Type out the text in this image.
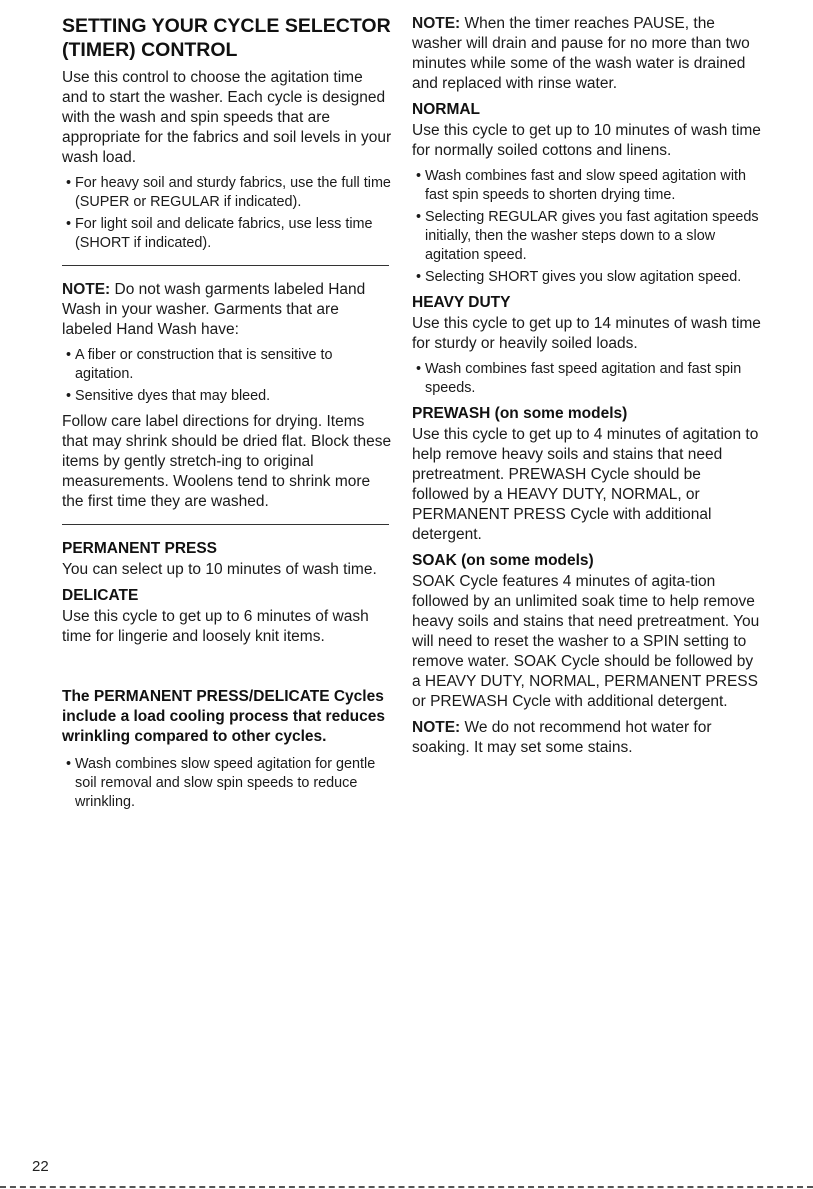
SETTING YOUR CYCLE SELECTOR (TIMER) CONTROL

Use this control to choose the agitation time and to start the washer. Each cycle is designed with the wash and spin speeds that are appropriate for the fabrics and soil levels in your wash load.

• For heavy soil and sturdy fabrics, use the full time (SUPER or REGULAR if indicated).
• For light soil and delicate fabrics, use less time (SHORT if indicated).

NOTE: Do not wash garments labeled Hand Wash in your washer. Garments that are labeled Hand Wash have:

• A fiber or construction that is sensitive to agitation.
• Sensitive dyes that may bleed.

Follow care label directions for drying. Items that may shrink should be dried flat. Block these items by gently stretch-ing to original measurements. Woolens tend to shrink more the first time they are washed.

PERMANENT PRESS

You can select up to 10 minutes of wash time.

DELICATE

Use this cycle to get up to 6 minutes of wash time for lingerie and loosely knit items.

The PERMANENT PRESS/DELICATE Cycles include a load cooling process that reduces wrinkling compared to other cycles.
• Wash combines slow speed agitation for gentle soil removal and slow spin speeds to reduce wrinkling.

NOTE: When the timer reaches PAUSE, the washer will drain and pause for no more than two minutes while some of the wash water is drained and replaced with rinse water.

NORMAL

Use this cycle to get up to 10 minutes of wash time for normally soiled cottons and linens.

• Wash combines fast and slow speed agitation with fast spin speeds to shorten drying time.
• Selecting REGULAR gives you fast agitation speeds initially, then the washer steps down to a slow agitation speed.
• Selecting SHORT gives you slow agitation speed.
HEAVY DUTY

Use this cycle to get up to 14 minutes of wash time for sturdy or heavily soiled loads.

• Wash combines fast speed agitation and fast spin speeds.
PREWASH (on some models)

Use this cycle to get up to 4 minutes of agitation to help remove heavy soils and stains that need pretreatment. PREWASH Cycle should be followed by a HEAVY DUTY, NORMAL, or PERMANENT PRESS Cycle with additional detergent.

SOAK (on some models)

SOAK Cycle features 4 minutes of agita-tion followed by an unlimited soak time to help remove heavy soils and stains that need pretreatment. You will need to reset the washer to a SPIN setting to remove water. SOAK Cycle should be followed by a HEAVY DUTY, NORMAL, PERMANENT PRESS or PREWASH Cycle with additional detergent.

NOTE: We do not recommend hot water for soaking. It may set some stains.

22
